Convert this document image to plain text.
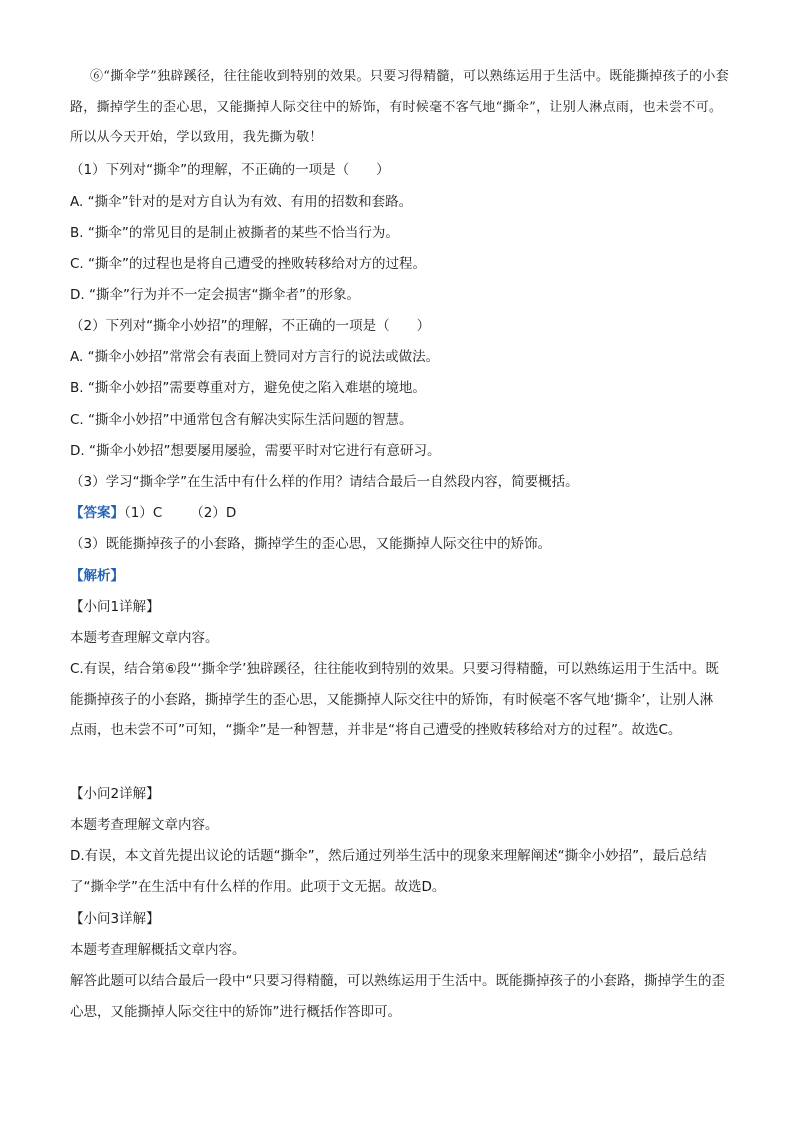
⑥“撕伞学”独辟蹊径，往往能收到特别的效果。只要习得精髓，可以熟练运用于生活中。既能撕掉孩子的小套路，撕掉学生的歪心思，又能撕掉人际交往中的矫饰，有时候毫不客气地“撕伞”，让别人淋点雨，也未尝不可。所以从今天开始，学以致用，我先撕为敬！
（1）下列对“撕伞”的理解，不正确的一项是（　　）
A. “撕伞”针对的是对方自认为有效、有用的招数和套路。
B. “撕伞”的常见目的是制止被撕者的某些不恰当行为。
C. “撕伞”的过程也是将自己遭受的挫败转移给对方的过程。
D. “撕伞”行为并不一定会损害“撕伞者”的形象。
（2）下列对“撕伞小妙招”的理解，不正确的一项是（　　）
A. “撕伞小妙招”常常会有表面上赞同对方言行的说法或做法。
B. “撕伞小妙招”需要尊重对方，避免使之陷入难堪的境地。
C. “撕伞小妙招”中通常包含有解决实际生活问题的智慧。
D. “撕伞小妙招”想要屡用屡验，需要平时对它进行有意研习。
（3）学习“撕伞学”在生活中有什么样的作用？请结合最后一自然段内容，简要概括。
【答案】（1）C （2）D
（3）既能撕掉孩子的小套路，撕掉学生的歪心思，又能撕掉人际交往中的矫饰。
【解析】
【小问1详解】
本题考查理解文章内容。
C.有误，结合第⑥段“‘撕伞学’独辟蹊径，往往能收到特别的效果。只要习得精髓，可以熟练运用于生活中。既能撕掉孩子的小套路，撕掉学生的歪心思，又能撕掉人际交往中的矫饰，有时候毫不客气地‘撕伞’，让别人淋点雨，也未尝不可”可知，“撕伞”是一种智慧，并非是“将自己遭受的挫败转移给对方的过程”。故选C。
【小问2详解】
本题考查理解文章内容。
D.有误，本文首先提出议论的话题“撕伞”，然后通过列举生活中的现象来理解阐述“撕伞小妙招”，最后总结了“撕伞学”在生活中有什么样的作用。此项于文无据。故选D。
【小问3详解】
本题考查理解概括文章内容。
解答此题可以结合最后一段中“只要习得精髓，可以熟练运用于生活中。既能撕掉孩子的小套路，撕掉学生的歪心思，又能撕掉人际交往中的矫饰”进行概括作答即可。
